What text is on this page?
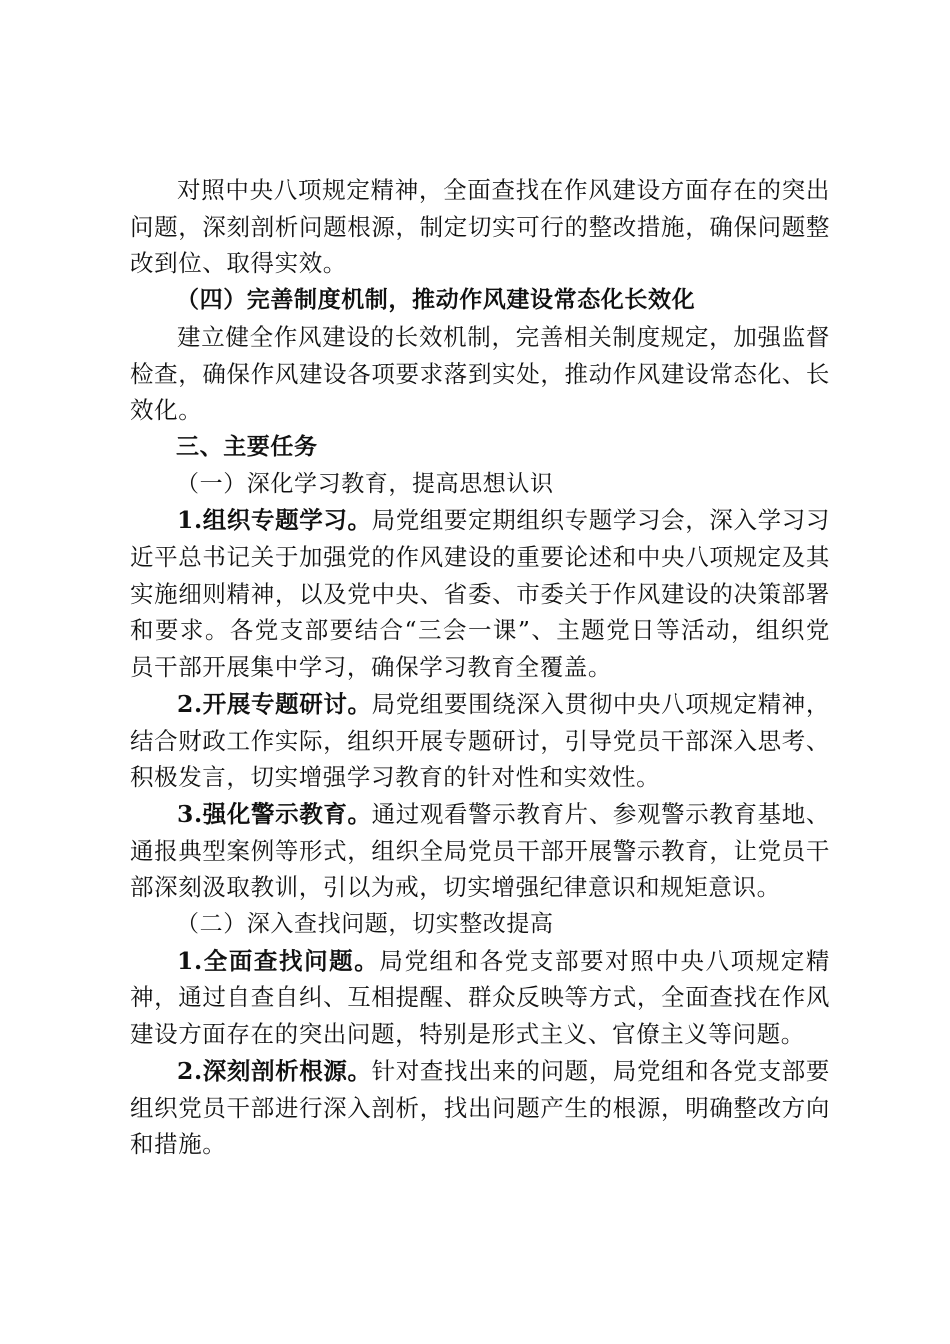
对照中央八项规定精神，全面查找在作风建设方面存在的突出问题，深刻剖析问题根源，制定切实可行的整改措施，确保问题整改到位、取得实效。

（四）完善制度机制，推动作风建设常态化长效化

建立健全作风建设的长效机制，完善相关制度规定，加强监督检查，确保作风建设各项要求落到实处，推动作风建设常态化、长效化。

三、主要任务

（一）深化学习教育，提高思想认识

1.组织专题学习。局党组要定期组织专题学习会，深入学习习近平总书记关于加强党的作风建设的重要论述和中央八项规定及其实施细则精神，以及党中央、省委、市委关于作风建设的决策部署和要求。各党支部要结合“三会一课”、主题党日等活动，组织党员干部开展集中学习，确保学习教育全覆盖。

2.开展专题研讨。局党组要围绕深入贯彻中央八项规定精神，结合财政工作实际，组织开展专题研讨，引导党员干部深入思考、积极发言，切实增强学习教育的针对性和实效性。

3.强化警示教育。通过观看警示教育片、参观警示教育基地、通报典型案例等形式，组织全局党员干部开展警示教育，让党员干部深刻汲取教训，引以为戒，切实增强纪律意识和规矩意识。

（二）深入查找问题，切实整改提高

1.全面查找问题。局党组和各党支部要对照中央八项规定精神，通过自查自纠、互相提醒、群众反映等方式，全面查找在作风建设方面存在的突出问题，特别是形式主义、官僚主义等问题。

2.深刻剖析根源。针对查找出来的问题，局党组和各党支部要组织党员干部进行深入剖析，找出问题产生的根源，明确整改方向和措施。
